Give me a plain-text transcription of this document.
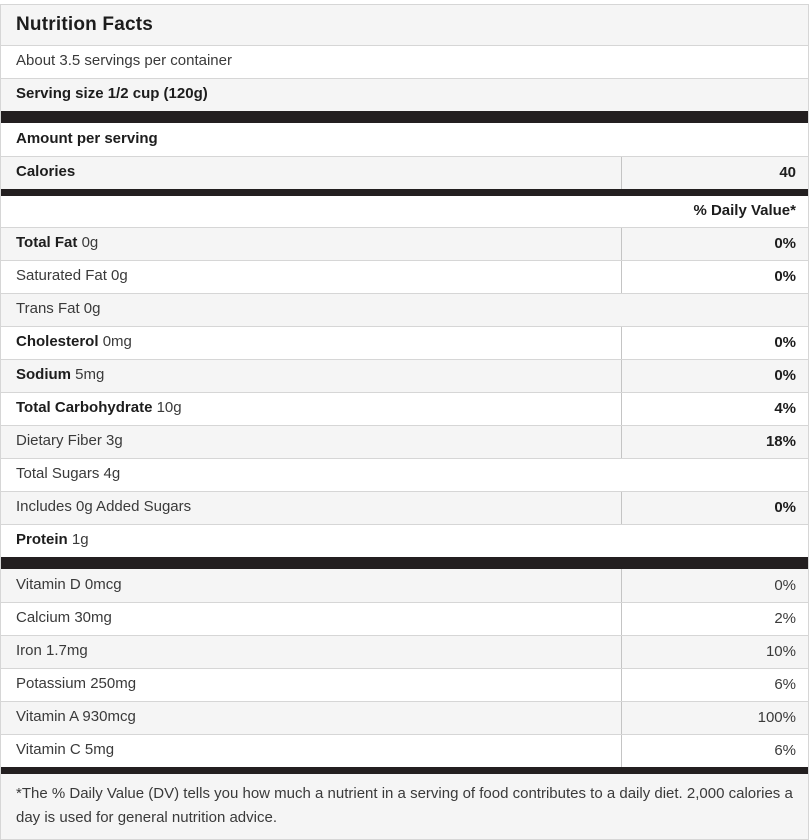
Nutrition Facts
About 3.5 servings per container
Serving size 1/2 cup (120g)
Amount per serving
Calories	40
% Daily Value*
Total Fat 0g	0%
Saturated Fat 0g	0%
Trans Fat 0g
Cholesterol 0mg	0%
Sodium 5mg	0%
Total Carbohydrate 10g	4%
Dietary Fiber 3g	18%
Total Sugars 4g
Includes 0g Added Sugars	0%
Protein 1g
Vitamin D 0mcg	0%
Calcium 30mg	2%
Iron 1.7mg	10%
Potassium 250mg	6%
Vitamin A 930mcg	100%
Vitamin C 5mg	6%
*The % Daily Value (DV) tells you how much a nutrient in a serving of food contributes to a daily diet. 2,000 calories a day is used for general nutrition advice.
